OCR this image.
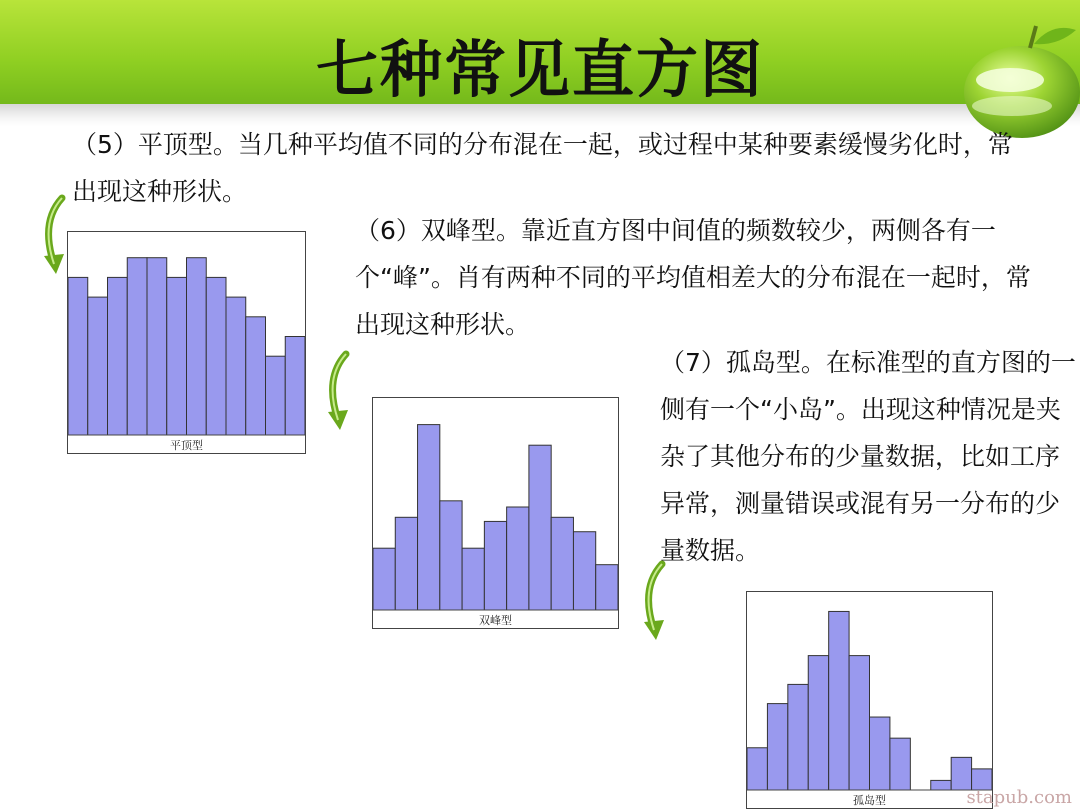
七种常见直方图
（5）平顶型。当几种平均值不同的分布混在一起，或过程中某种要素缓慢劣化时，常出现这种形状。
（6）双峰型。靠近直方图中间值的频数较少，两侧各有一个“峰”。肖有两种不同的平均值相差大的分布混在一起时，常出现这种形状。
（7）孤岛型。在标准型的直方图的一侧有一个“小岛”。出现这种情况是夹杂了其他分布的少量数据，比如工序异常，测量错误或混有另一分布的少量数据。
平顶型
双峰型
孤岛型	stapub.com
